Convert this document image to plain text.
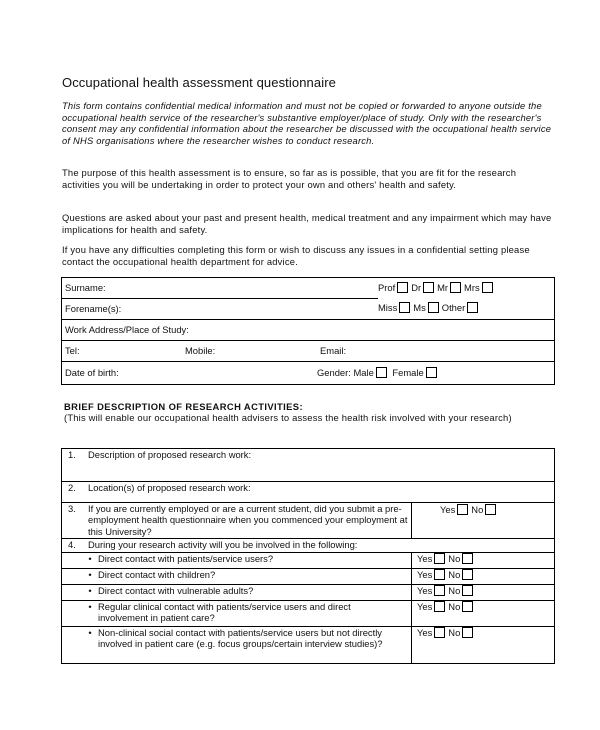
Occupational health assessment questionnaire

This form contains confidential medical information and must not be copied or forwarded to anyone outside the occupational health service of the researcher's substantive employer/place of study. Only with the researcher's consent may any confidential information about the researcher be discussed with the occupational health service of NHS organisations where the researcher wishes to conduct research.

The purpose of this health assessment is to ensure, so far as is possible, that you are fit for the research activities you will be undertaking in order to protect your own and others' health and safety.

Questions are asked about your past and present health, medical treatment and any impairment which may have implications for health and safety.

If you have any difficulties completing this form or wish to discuss any issues in a confidential setting please contact the occupational health department for advice.

Surname:	Prof Dr Mr Mrs
Miss Ms Other

Forename(s):
Work Address/Place of Study:
Tel:	Mobile:	Email:
Date of birth:	Gender: Male Female
BRIEF DESCRIPTION OF RESEARCH ACTIVITIES:
(This will enable our occupational health advisers to assess the health risk involved with your research)
1. Description of proposed research work:	
2. Location(s) of proposed research work:	

3. If you are currently employed or are a current student, did you submit a pre-employment health questionnaire when you commenced your employment at this University?	Yes No
4. During your research activity will you be involved in the following:	
• Direct contact with patients/service users?	Yes No
• Direct contact with children?	Yes No
• Direct contact with vulnerable adults?	Yes No

• Regular clinical contact with patients/service users and direct involvement in patient care?	Yes No

• Non-clinical social contact with patients/service users but not directly involved in patient care (e.g. focus groups/certain interview studies)?	Yes No
